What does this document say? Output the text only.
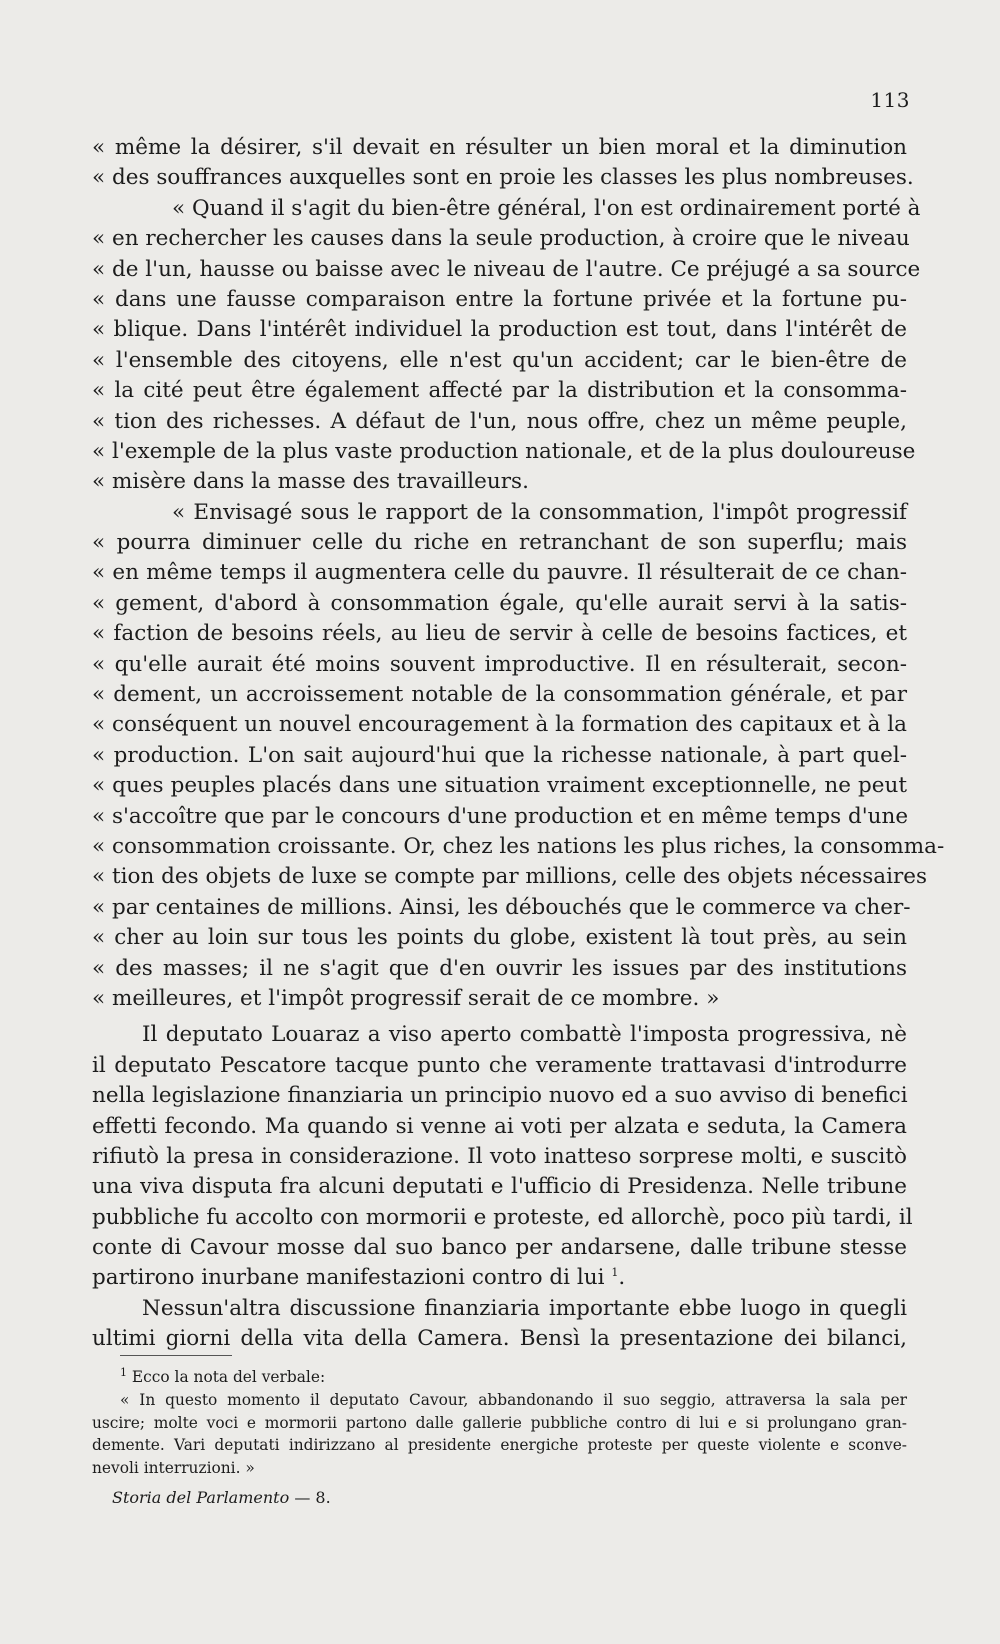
113
« même la désirer, s'il devait en résulter un bien moral et la diminution
« des souffrances auxquelles sont en proie les classes les plus nombreuses.
« Quand il s'agit du bien-être général, l'on est ordinairement porté à
« en rechercher les causes dans la seule production, à croire que le niveau
« de l'un, hausse ou baisse avec le niveau de l'autre. Ce préjugé a sa source
« dans une fausse comparaison entre la fortune privée et la fortune pu-
« blique. Dans l'intérêt individuel la production est tout, dans l'intérêt de
« l'ensemble des citoyens, elle n'est qu'un accident; car le bien-être de
« la cité peut être également affecté par la distribution et la consomma-
« tion des richesses. A défaut de l'un, nous offre, chez un même peuple,
« l'exemple de la plus vaste production nationale, et de la plus douloureuse
« misère dans la masse des travailleurs.
« Envisagé sous le rapport de la consommation, l'impôt progressif
« pourra diminuer celle du riche en retranchant de son superflu; mais
« en même temps il augmentera celle du pauvre. Il résulterait de ce chan-
« gement, d'abord à consommation égale, qu'elle aurait servi à la satis-
« faction de besoins réels, au lieu de servir à celle de besoins factices, et
« qu'elle aurait été moins souvent improductive. Il en résulterait, secon-
« dement, un accroissement notable de la consommation générale, et par
« conséquent un nouvel encouragement à la formation des capitaux et à la
« production. L'on sait aujourd'hui que la richesse nationale, à part quel-
« ques peuples placés dans une situation vraiment exceptionnelle, ne peut
« s'accoître que par le concours d'une production et en même temps d'une
« consommation croissante. Or, chez les nations les plus riches, la consomma-
« tion des objets de luxe se compte par millions, celle des objets nécessaires
« par centaines de millions. Ainsi, les débouchés que le commerce va cher-
« cher au loin sur tous les points du globe, existent là tout près, au sein
« des masses; il ne s'agit que d'en ouvrir les issues par des institutions
« meilleures, et l'impôt progressif serait de ce mombre. »
Il deputato Louaraz a viso aperto combattè l'imposta progressiva, nè
il deputato Pescatore tacque punto che veramente trattavasi d'introdurre
nella legislazione finanziaria un principio nuovo ed a suo avviso di benefici
effetti fecondo. Ma quando si venne ai voti per alzata e seduta, la Camera
rifiutò la presa in considerazione. Il voto inatteso sorprese molti, e suscitò
una viva disputa fra alcuni deputati e l'ufficio di Presidenza. Nelle tribune
pubbliche fu accolto con mormorii e proteste, ed allorchè, poco più tardi, il
conte di Cavour mosse dal suo banco per andarsene, dalle tribune stesse
partirono inurbane manifestazioni contro di lui $^1$.
Nessun'altra discussione finanziaria importante ebbe luogo in quegli
ultimi giorni della vita della Camera. Bensì la presentazione dei bilanci,
$^1$ Ecco la nota del verbale:
« In questo momento il deputato Cavour, abbandonando il suo seggio, attraversa la sala per
uscire; molte voci e mormorii partono dalle gallerie pubbliche contro di lui e si prolungano gran-
demente. Vari deputati indirizzano al presidente energiche proteste per queste violente e sconve-
nevoli interruzioni. »
Storia del Parlamento — 8.
